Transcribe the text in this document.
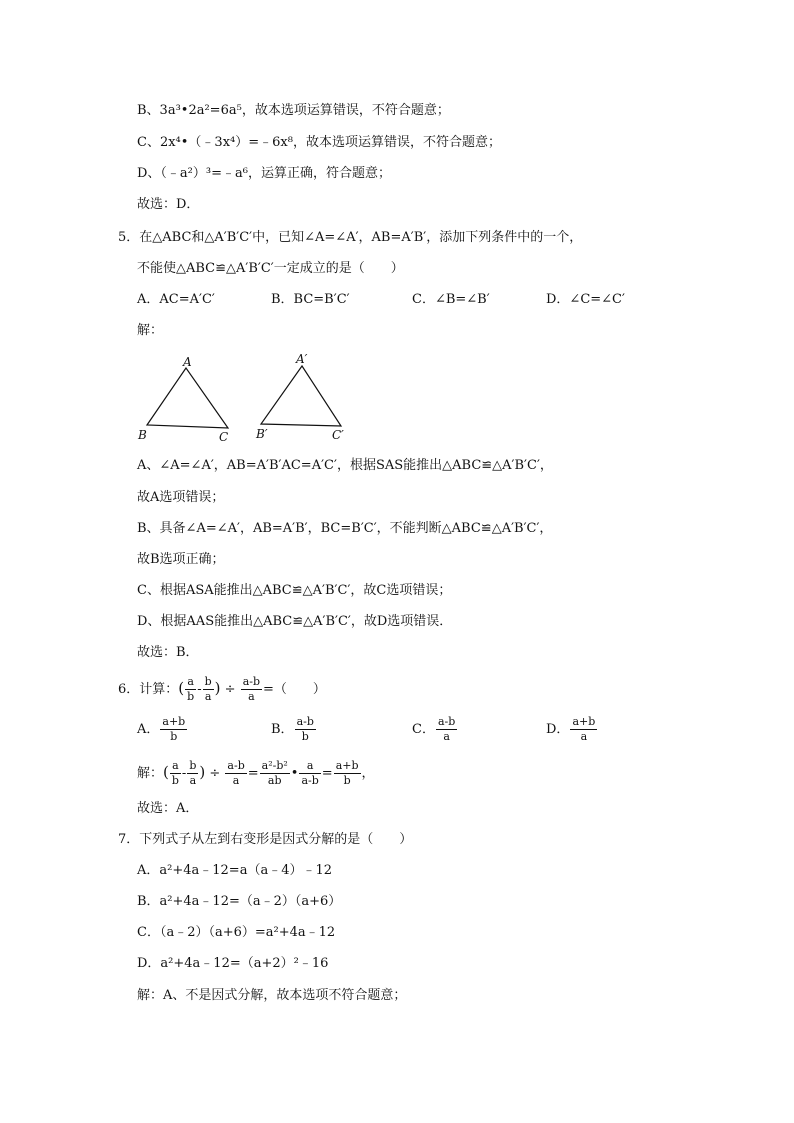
B、3a³•2a²=6a⁵，故本选项运算错误，不符合题意；
C、2x⁴•（﹣3x⁴）=﹣6x⁸，故本选项运算错误，不符合题意；
D、（﹣a²）³=﹣a⁶，运算正确，符合题意；
故选：D．
5．在△ABC和△A′B′C′中，已知∠A=∠A′，AB=A′B′，添加下列条件中的一个，
不能使△ABC≌△A′B′C′一定成立的是（　　）
A．AC=A′C′	B．BC=B′C′	C．∠B=∠B′	D．∠C=∠C′
解：
A
B	C
A′
B′	C′
A、∠A=∠A′，AB=A′B′AC=A′C′，根据SAS能推出△ABC≌△A′B′C′，
故A选项错误；
B、具备∠A=∠A′，AB=A′B′，BC=B′C′，不能判断△ABC≌△A′B′C′，
故B选项正确；
C、根据ASA能推出△ABC≌△A′B′C′，故C选项错误；
D、根据AAS能推出△ABC≌△A′B′C′，故D选项错误．
故选：B．
6．计算：( $\frac{a}{b} - \frac{b}{a}$ ) ÷ $\frac{a-b}{a}$ =（　　）
A． $\frac{a+b}{b}$	B． $\frac{a-b}{b}$	C． $\frac{a-b}{a}$	D． $\frac{a+b}{a}$
解：( $\frac{a}{b} - \frac{b}{a}$ ) ÷ $\frac{a-b}{a} = \frac{\text{a²-b²}}{ab}$ • $\frac{a}{a-b} = \frac{a+b}{b}$ ，
故选：A．
7．下列式子从左到右变形是因式分解的是（　　）
A．a²+4a﹣12=a（a﹣4）﹣12
B．a²+4a﹣12=（a﹣2）（a+6）
C．（a﹣2）（a+6）=a²+4a﹣12
D．a²+4a﹣12=（a+2）²﹣16
解：A、不是因式分解，故本选项不符合题意；
